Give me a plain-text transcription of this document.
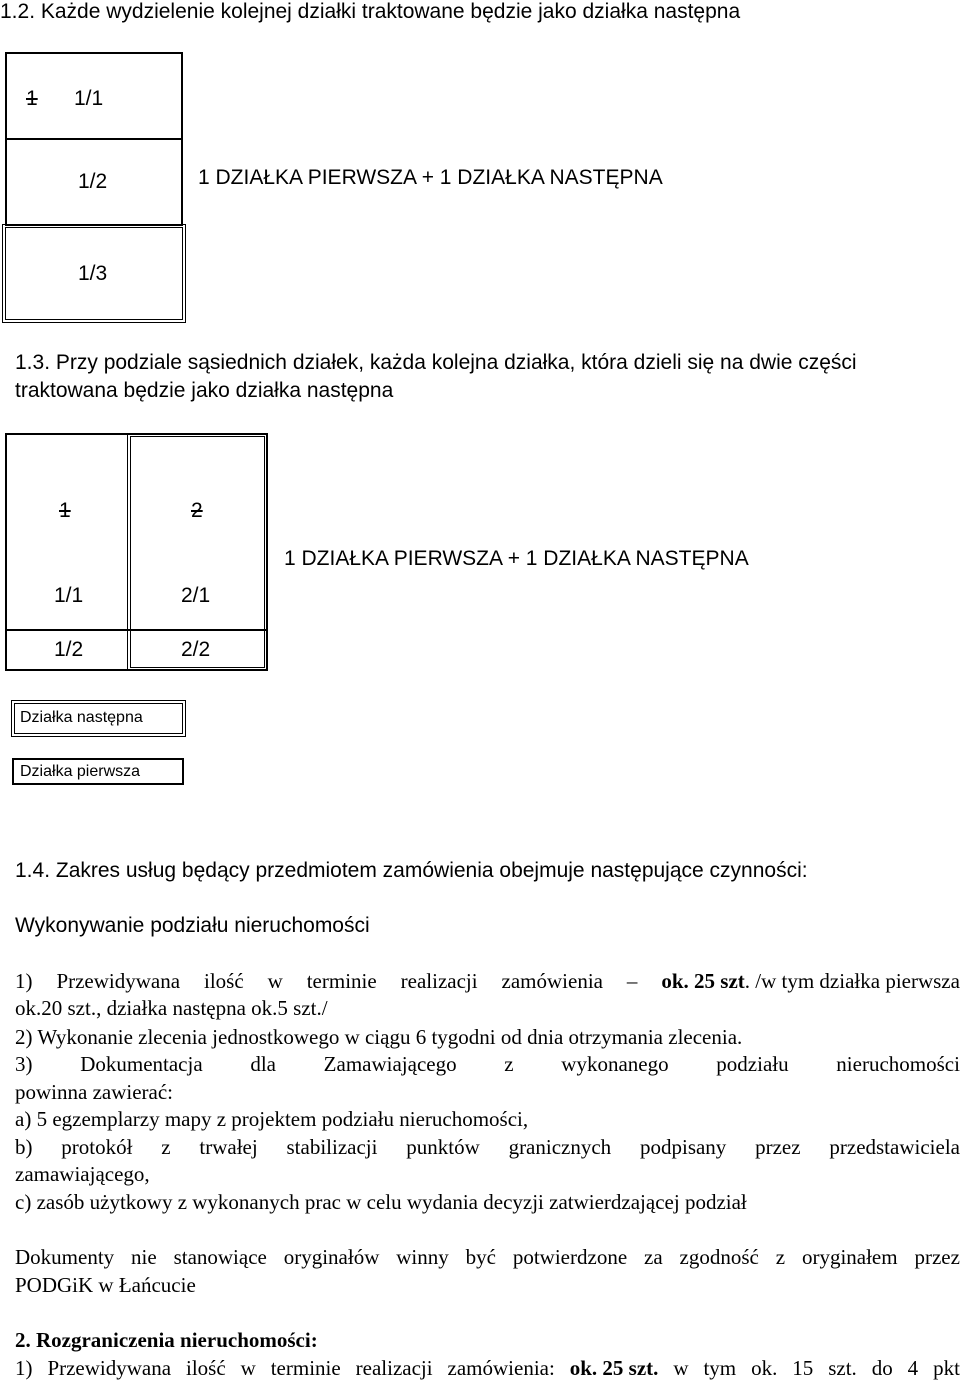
1.2. Każde wydzielenie kolejnej działki traktowane będzie jako działka następna
1 1/1
1/2
1/3
1 DZIAŁKA PIERWSZA + 1 DZIAŁKA NASTĘPNA
1.3. Przy podziale sąsiednich działek, każda kolejna działka, która dzieli się na dwie części
traktowana będzie jako działka następna
1	2
1/1	2/1
1/2	2/2
1 DZIAŁKA PIERWSZA + 1 DZIAŁKA NASTĘPNA
Działka następna
Działka pierwsza
1.4. Zakres usług będący przedmiotem zamówienia obejmuje następujące czynności:
Wykonywanie podziału nieruchomości
1) Przewidywana ilość w terminie realizacji zamówienia – ok. 25 szt. /w tym działka pierwsza
ok.20 szt., działka następna ok.5 szt./
2) Wykonanie zlecenia jednostkowego w ciągu 6 tygodni od dnia otrzymania zlecenia.
3) Dokumentacja dla Zamawiającego z wykonanego podziału nieruchomości
powinna zawierać:
a) 5 egzemplarzy mapy z projektem podziału nieruchomości,
b) protokół z trwałej stabilizacji punktów granicznych podpisany przez przedstawiciela
zamawiającego,
c) zasób użytkowy z wykonanych prac w celu wydania decyzji zatwierdzającej podział
Dokumenty nie stanowiące oryginałów winny być potwierdzone za zgodność z oryginałem przez
PODGiK w Łańcucie
2. Rozgraniczenia nieruchomości:
1) Przewidywana ilość w terminie realizacji zamówienia: ok. 25 szt. w tym ok. 15 szt. do 4 pkt
